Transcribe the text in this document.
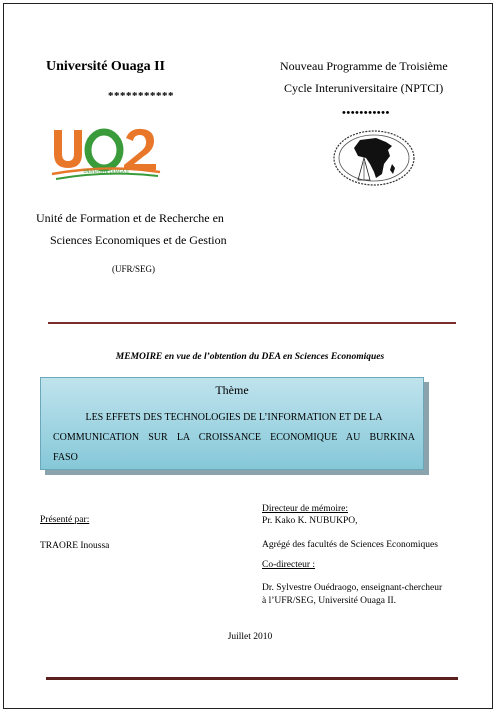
Université Ouaga II
***********
Nouveau Programme de Troisième
Cycle Interuniversitaire (NPTCI)
•••••••••••
UNIVERSITÉ OUAGA II
Unité de Formation et de Recherche en
Sciences Economiques et de Gestion
(UFR/SEG)
MEMOIRE en vue de l’obtention du DEA en Sciences Economiques
Thème
LES EFFETS DES TECHNOLOGIES DE L’INFORMATION ET DE LA
COMMUNICATION SUR LA CROISSANCE ECONOMIQUE AU BURKINA
FASO
Directeur de mémoire:
Pr. Kako K. NUBUKPO,
Présenté par:
Agrégé des facultés de Sciences Economiques
TRAORE Inoussa
Co-directeur :
Dr. Sylvestre Ouédraogo, enseignant-chercheur
à l’UFR/SEG, Université Ouaga II.
Juillet 2010
